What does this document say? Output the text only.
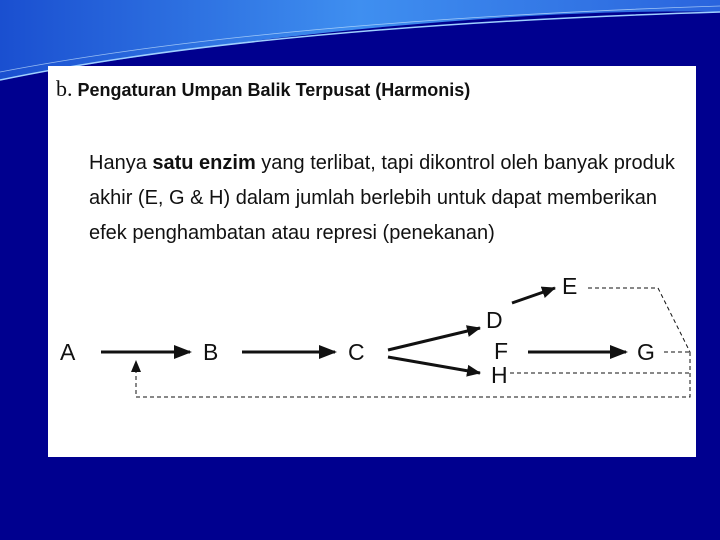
b. Pengaturan Umpan Balik Terpusat (Harmonis)

Hanya satu enzim yang terlibat, tapi dikontrol oleh banyak produk akhir (E, G & H) dalam jumlah berlebih untuk dapat memberikan efek penghambatan atau represi (penekanan)

A	B	C
D
E
F	G
H
